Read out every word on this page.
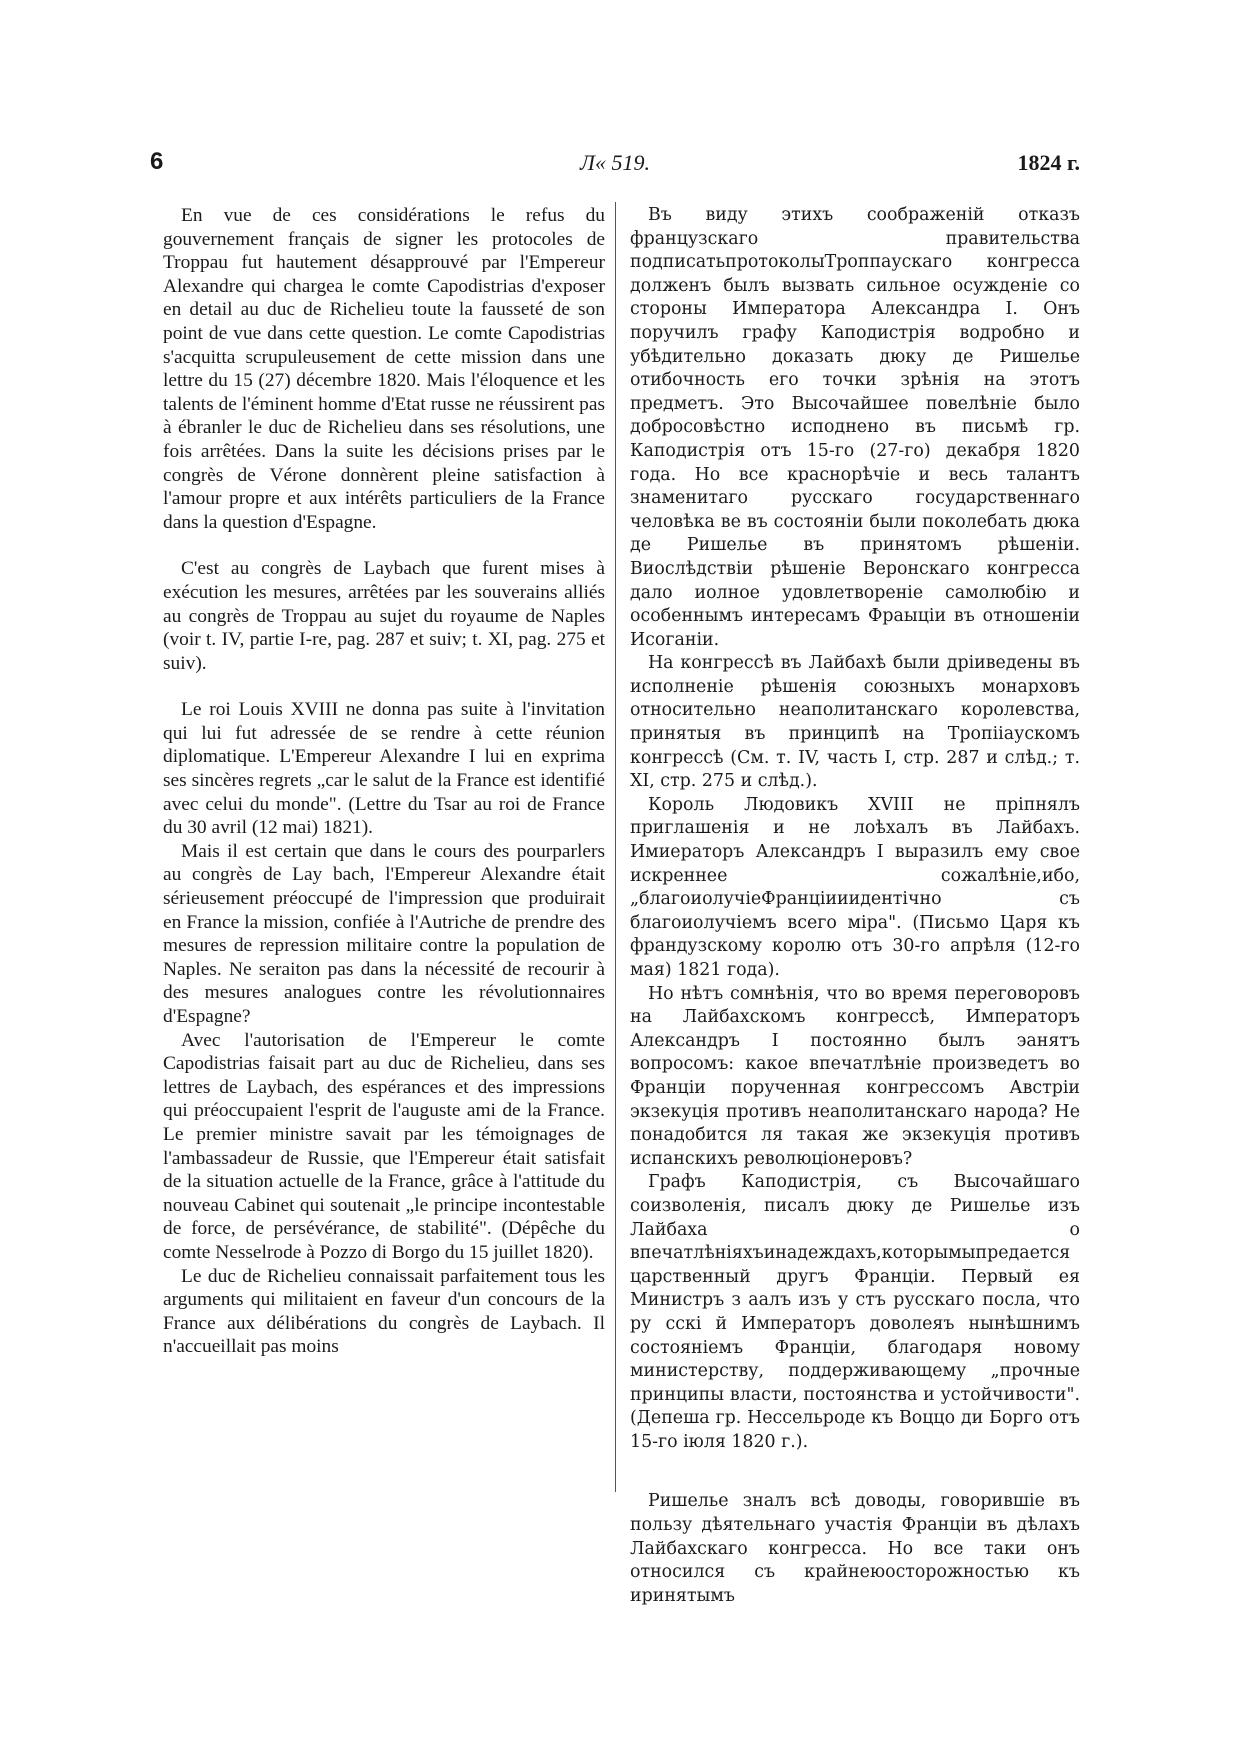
6	Л« 519.	1824 г.

En vue de ces considérations le refus du gouvernement français de signer les protocoles de Troppau fut hautement désapprouvé par l'Empereur Alexandre qui chargea le comte Capodistrias d'exposer en detail au duc de Richelieu toute la fausseté de son point de vue dans cette question. Le comte Capodistrias s'acquitta scrupuleusement de cette mission dans une lettre du 15 (27) décembre 1820. Mais l'éloquence et les talents de l'éminent homme d'Etat russe ne réussirent pas à ébranler le duc de Richelieu dans ses résolutions, une fois arrêtées. Dans la suite les décisions prises par le congrès de Vérone donnèrent pleine satisfaction à l'amour propre et aux intérêts particuliers de la France dans la question d'Espagne.

C'est au congrès de Laybach que furent mises à exécution les mesures, arrêtées par les souverains alliés au congrès de Troppau au sujet du royaume de Naples (voir t. IV, partie I-re, pag. 287 et suiv; t. XI, pag. 275 et suiv).

Le roi Louis XVIII ne donna pas suite à l'invitation qui lui fut adressée de se rendre à cette réunion diplomatique. L'Empereur Alexandre I lui en exprima ses sincères regrets „car le salut de la France est identifié avec celui du monde". (Lettre du Tsar au roi de France du 30 avril (12 mai) 1821).

Mais il est certain que dans le cours des pourparlers au congrès de Lay bach, l'Empereur Alexandre était sérieusement préoccupé de l'impression que produirait en France la mission, confiée à l'Autriche de prendre des mesures de repression militaire contre la population de Naples. Ne seraiton pas dans la nécessité de recourir à des mesures analogues contre les révolutionnaires d'Espagne?

Avec l'autorisation de l'Empereur le comte Capodistrias faisait part au duc de Richelieu, dans ses lettres de Laybach, des espérances et des impressions qui préoccupaient l'esprit de l'auguste ami de la France. Le premier ministre savait par les témoignages de l'ambassadeur de Russie, que l'Empereur était satisfait de la situation actuelle de la France, grâce à l'attitude du nouveau Cabinet qui soutenait „le principe incontestable de force, de persévérance, de stabilité". (Dépêche du comte Nesselrode à Pozzo di Borgo du 15 juillet 1820).

Le duc de Richelieu connaissait parfaitement tous les arguments qui militaient en faveur d'un concours de la France aux délibérations du congrès de Laybach. Il n'accueillait pas moins

Въ виду этихъ соображенiй отказъ французскаго правительства подписатьпротоколыТроппаускаго конгресса долженъ былъ вызвать сильное осужденiе со стороны Императора Александра I. Онъ поручилъ графу Каподистрiя водробно и убѣдительно доказать дюку де Ришелье отибочность его точки зрѣнiя на этотъ предметъ. Это Высочайшее повелѣнiе было добросовѣстно исподнено въ письмѣ гр. Каподистрiя отъ 15-го (27-го) декабря 1820 года. Но все краснорѣчiе и весь талантъ знаменитаго русскаго государственнаго человѣка ве въ состоянiи были поколебать дюка де Ришелье въ принятомъ рѣшенiи. Виослѣдствiи рѣшенiе Веронскаго конгресса дало иолное удовлетворенiе самолюбiю и особеннымъ интересамъ Фраыцiи въ отношенiи Исоганiи.

На конгрессѣ въ Лайбахѣ были дрiиведены въ исполненiе рѣшенiя союзныхъ монарховъ относительно неаполитанскаго королевства, принятыя въ принципѣ на Тропiiаускомъ конгрессѣ (См. т. IV, часть I, стр. 287 и слѣд.; т. XI, стр. 275 и слѣд.).

Король Людовикъ XVIII не прiпнялъ приглашенiя и не лоѣхалъ въ Лайбахъ. Имиераторъ Александръ I выразилъ ему свое искреннее сожалѣнiе,ибо,„благоиолучiеФранцiииидентiчно съ благоиолучiемъ всего мiра". (Письмо Царя къ франдузскому королю отъ 30-го апрѣля (12-го мая) 1821 года).

Но нѣтъ сомнѣнiя, что во время переговоровъ на Лайбахскомъ конгрессѣ, Императоръ Александръ I постоянно былъ эанятъ вопросомъ: какое впечатлѣнiе произведетъ во Францiи порученная конгрессомъ Австрiи экзекуцiя противъ неаполитанскаго народа? Не понадобится ля такая же экзекуцiя противъ испанскихъ революцiонеровъ?

Графъ Каподистрiя, съ Высочайшаго соизволенiя, писалъ дюку де Ришелье изъ Лайбаха о впечатлѣнiяхъинадеждахъ,которымыпредается царственный другъ Францiи. Первый ея Министръ з аалъ изъ у стъ русскаго посла, что ру сскi й Императоръ доволеяъ нынѣшнимъ состоянiемъ Францiи, благодаря новому министерству, поддерживающему „прочные принципы власти, постоянства и устойчивости". (Депеша гр. Нессельроде къ Воццо ди Борго отъ 15-го iюля 1820 г.).

Ришелье зналъ всѣ доводы, говорившiе въ пользу дѣятельнаго участiя Францiи въ дѣлахъ Лайбахскаго конгресса. Но все таки онъ относился съ крайнеюосторожностью къ иринятымъ
